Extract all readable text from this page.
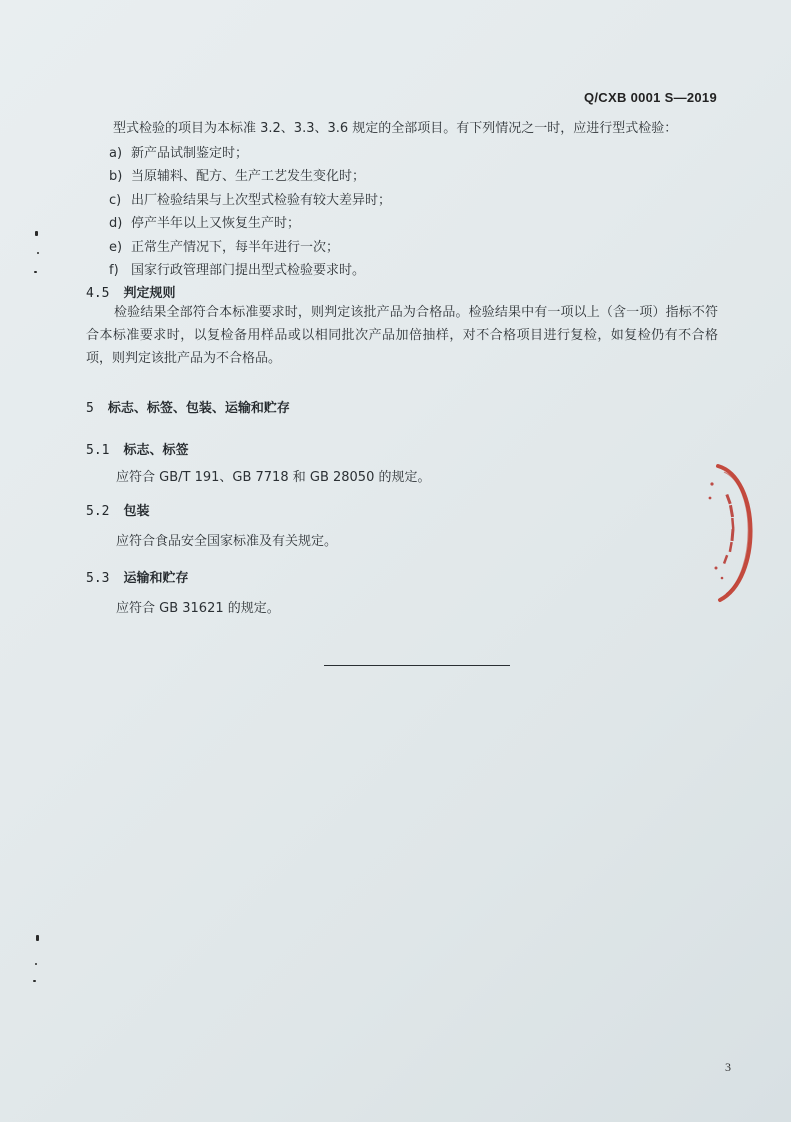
Q/CXB 0001 S—2019
型式检验的项目为本标准 3.2、3.3、3.6 规定的全部项目。有下列情况之一时，应进行型式检验：
a) 新产品试制鉴定时；
b) 当原辅料、配方、生产工艺发生变化时；
c) 出厂检验结果与上次型式检验有较大差异时；
d) 停产半年以上又恢复生产时；
e) 正常生产情况下，每半年进行一次；
f) 国家行政管理部门提出型式检验要求时。
4.5 判定规则
检验结果全部符合本标准要求时，则判定该批产品为合格品。检验结果中有一项以上（含一项）指标不符合本标准要求时，以复检备用样品或以相同批次产品加倍抽样，对不合格项目进行复检，如复检仍有不合格项，则判定该批产品为不合格品。
5 标志、标签、包装、运输和贮存
5.1 标志、标签
应符合 GB/T 191、GB 7718 和 GB 28050 的规定。
5.2 包装
应符合食品安全国家标准及有关规定。
5.3 运输和贮存
应符合 GB 31621 的规定。
3
